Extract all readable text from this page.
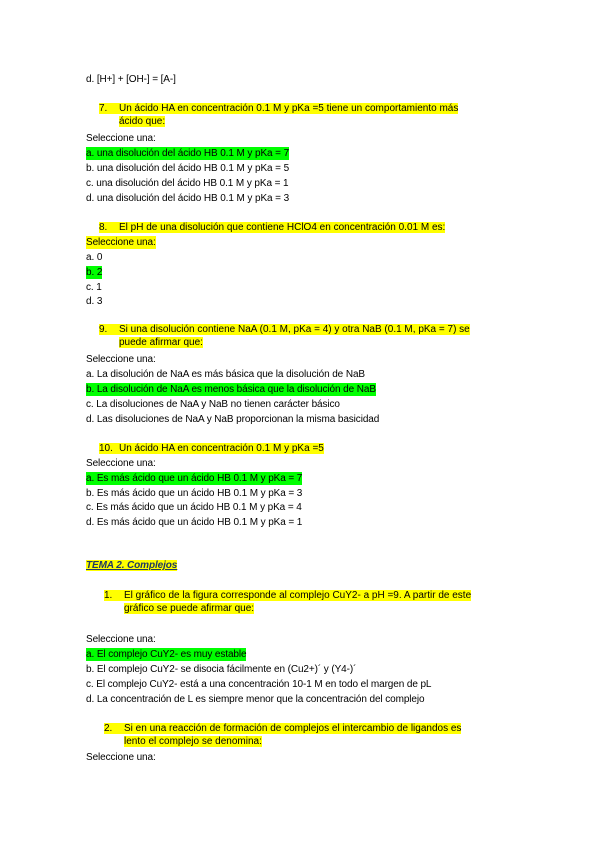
d. [H+] + [OH-] = [A-]
7. Un ácido HA en concentración 0.1 M y pKa =5 tiene un comportamiento más
ácido que:
Seleccione una:
a. una disolución del ácido HB 0.1 M y pKa = 7
b. una disolución del ácido HB 0.1 M y pKa = 5
c. una disolución del ácido HB 0.1 M y pKa = 1
d. una disolución del ácido HB 0.1 M y pKa = 3
8. El pH de una disolución que contiene HClO4 en concentración 0.01 M es:
Seleccione una:
a. 0
b. 2
c. 1
d. 3
9. Si una disolución contiene NaA (0.1 M, pKa = 4) y otra NaB (0.1 M, pKa = 7) se
puede afirmar que:
Seleccione una:
a. La disolución de NaA es más básica que la disolución de NaB
b. La disolución de NaA es menos básica que la disolución de NaB
c. La disoluciones de NaA y NaB no tienen carácter básico
d. Las disoluciones de NaA y NaB proporcionan la misma basicidad
10. Un ácido HA en concentración 0.1 M y pKa =5
Seleccione una:
a. Es más ácido que un ácido HB 0.1 M y pKa = 7
b. Es más ácido que un ácido HB 0.1 M y pKa = 3
c. Es más ácido que un ácido HB 0.1 M y pKa = 4
d. Es más ácido que un ácido HB 0.1 M y pKa = 1
TEMA 2. Complejos
1. El gráfico de la figura corresponde al complejo CuY2- a pH =9. A partir de este
gráfico se puede afirmar que:
Seleccione una:
a. El complejo CuY2- es muy estable
b. El complejo CuY2- se disocia fácilmente en (Cu2+)´ y (Y4-)´
c. El complejo CuY2- está a una concentración 10-1 M en todo el margen de pL
d. La concentración de L es siempre menor que la concentración del complejo
2. Si en una reacción de formación de complejos el intercambio de ligandos es
lento el complejo se denomina:
Seleccione una:
